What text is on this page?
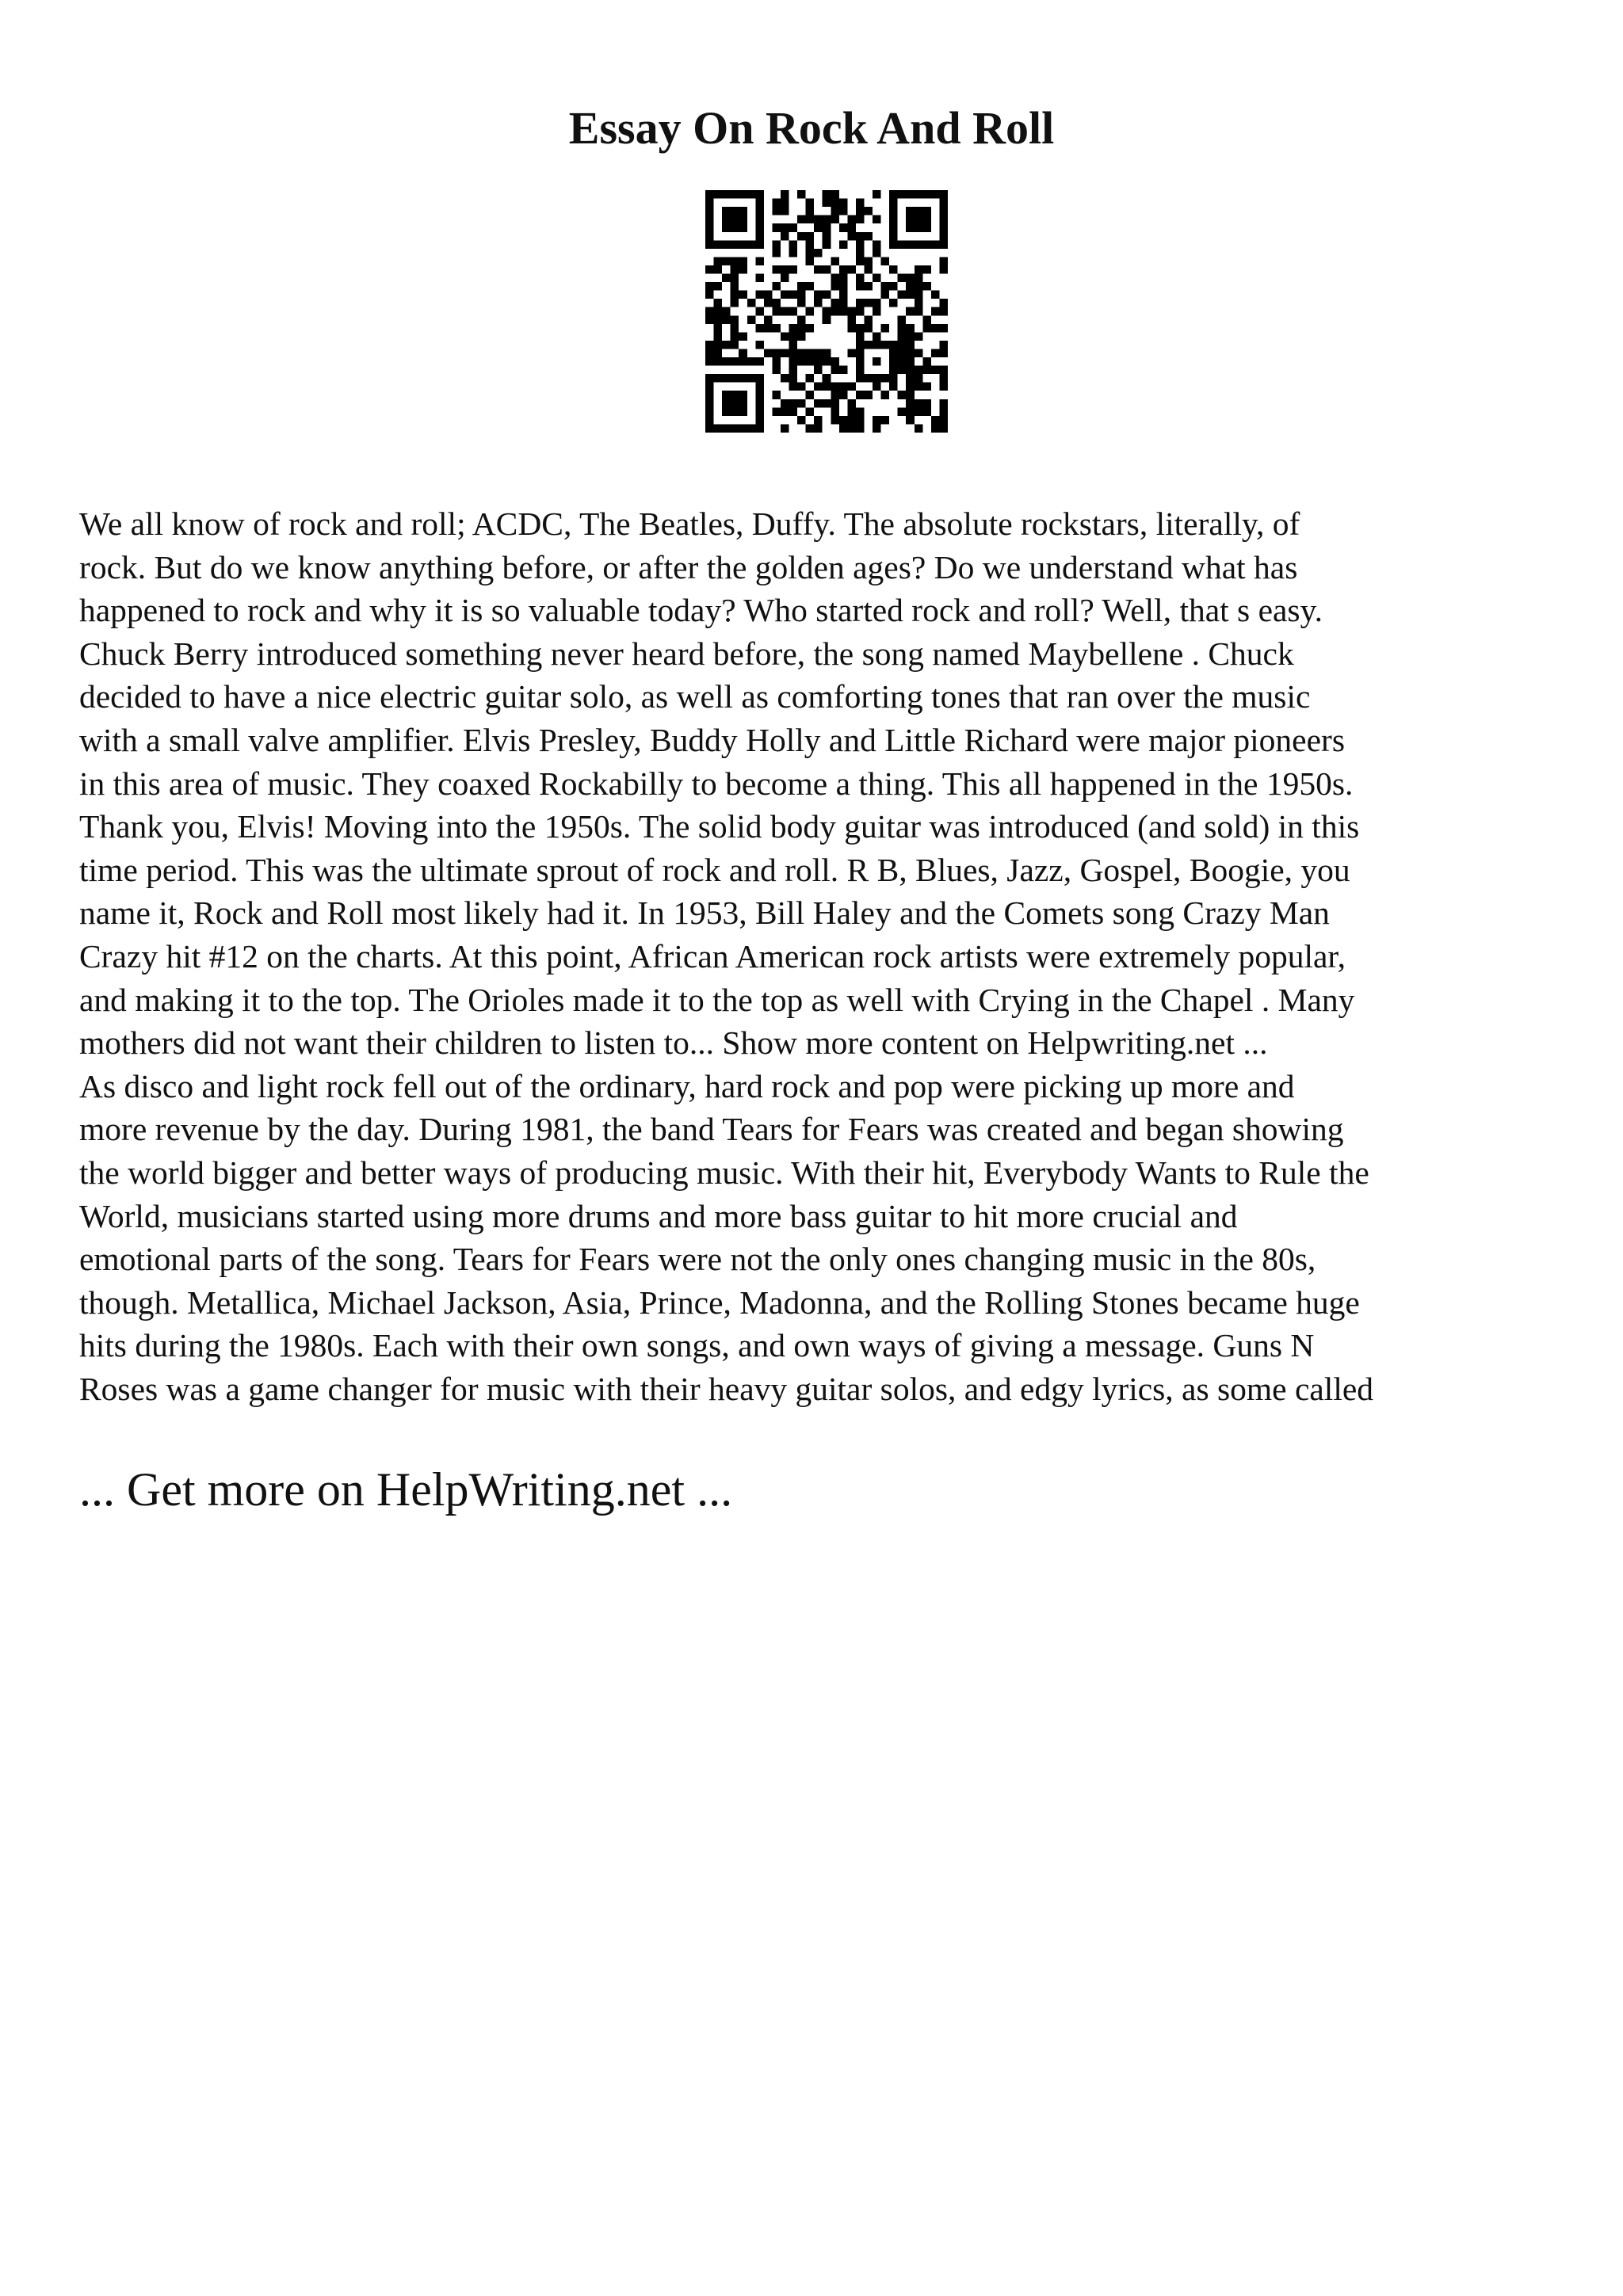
Essay On Rock And Roll
We all know of rock and roll; ACDC, The Beatles, Duffy. The absolute rockstars, literally, of
rock. But do we know anything before, or after the golden ages? Do we understand what has
happened to rock and why it is so valuable today? Who started rock and roll? Well, that s easy.
Chuck Berry introduced something never heard before, the song named Maybellene . Chuck
decided to have a nice electric guitar solo, as well as comforting tones that ran over the music
with a small valve amplifier. Elvis Presley, Buddy Holly and Little Richard were major pioneers
in this area of music. They coaxed Rockabilly to become a thing. This all happened in the 1950s.
Thank you, Elvis! Moving into the 1950s. The solid body guitar was introduced (and sold) in this
time period. This was the ultimate sprout of rock and roll. R B, Blues, Jazz, Gospel, Boogie, you
name it, Rock and Roll most likely had it. In 1953, Bill Haley and the Comets song Crazy Man
Crazy hit #12 on the charts. At this point, African American rock artists were extremely popular,
and making it to the top. The Orioles made it to the top as well with Crying in the Chapel . Many
mothers did not want their children to listen to... Show more content on Helpwriting.net ...
As disco and light rock fell out of the ordinary, hard rock and pop were picking up more and
more revenue by the day. During 1981, the band Tears for Fears was created and began showing
the world bigger and better ways of producing music. With their hit, Everybody Wants to Rule the
World, musicians started using more drums and more bass guitar to hit more crucial and
emotional parts of the song. Tears for Fears were not the only ones changing music in the 80s,
though. Metallica, Michael Jackson, Asia, Prince, Madonna, and the Rolling Stones became huge
hits during the 1980s. Each with their own songs, and own ways of giving a message. Guns N
Roses was a game changer for music with their heavy guitar solos, and edgy lyrics, as some called
... Get more on HelpWriting.net ...
